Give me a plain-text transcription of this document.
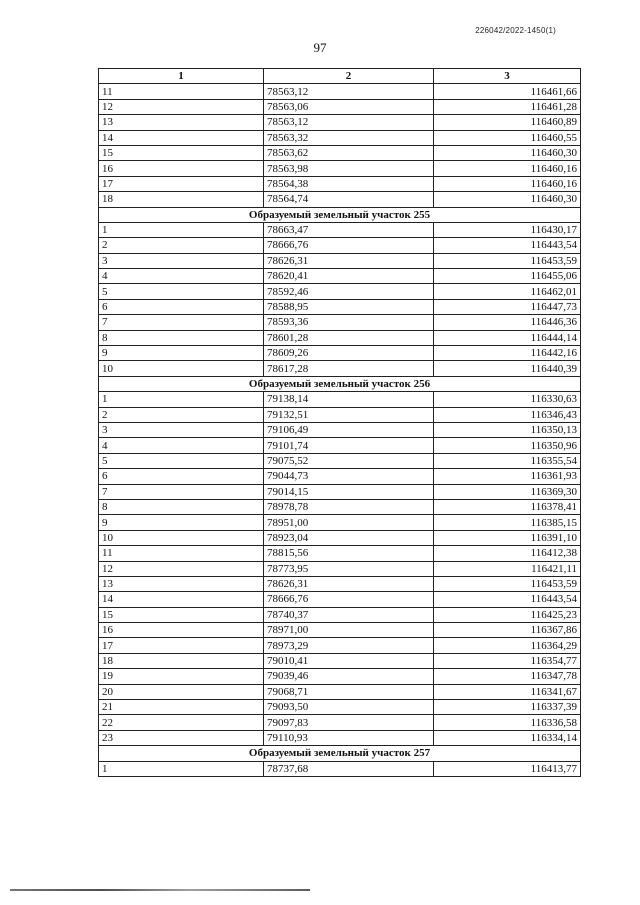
226042/2022-1450(1)
97
1	2	3
11	78563,12	116461,66
12	78563,06	116461,28
13	78563,12	116460,89
14	78563,32	116460,55
15	78563,62	116460,30
16	78563,98	116460,16
17	78564,38	116460,16
18	78564,74	116460,30
Образуемый земельный участок 255		
1	78663,47	116430,17
2	78666,76	116443,54
3	78626,31	116453,59
4	78620,41	116455,06
5	78592,46	116462,01
6	78588,95	116447,73
7	78593,36	116446,36
8	78601,28	116444,14
9	78609,26	116442,16
10	78617,28	116440,39
Образуемый земельный участок 256		
1	79138,14	116330,63
2	79132,51	116346,43
3	79106,49	116350,13
4	79101,74	116350,96
5	79075,52	116355,54
6	79044,73	116361,93
7	79014,15	116369,30
8	78978,78	116378,41
9	78951,00	116385,15
10	78923,04	116391,10
11	78815,56	116412,38
12	78773,95	116421,11
13	78626,31	116453,59
14	78666,76	116443,54
15	78740,37	116425,23
16	78971,00	116367,86
17	78973,29	116364,29
18	79010,41	116354,77
19	79039,46	116347,78
20	79068,71	116341,67
21	79093,50	116337,39
22	79097,83	116336,58
23	79110,93	116334,14
Образуемый земельный участок 257		
1	78737,68	116413,77
